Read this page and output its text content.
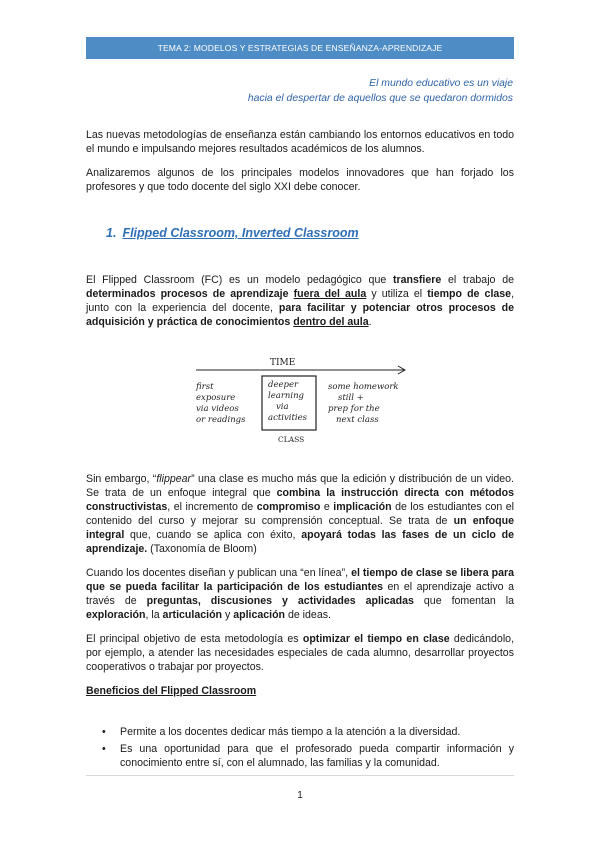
TEMA 2: MODELOS Y ESTRATEGIAS DE ENSEÑANZA-APRENDIZAJE
El mundo educativo es un viaje
hacia el despertar de aquellos que se quedaron dormidos

Las nuevas metodologías de enseñanza están cambiando los entornos educativos en todo el mundo e impulsando mejores resultados académicos de los alumnos.

Analizaremos algunos de los principales modelos innovadores que han forjado los profesores y que todo docente del siglo XXI debe conocer.

1. Flipped Classroom, Inverted Classroom

El Flipped Classroom (FC) es un modelo pedagógico que transfiere el trabajo de determinados procesos de aprendizaje fuera del aula y utiliza el tiempo de clase, junto con la experiencia del docente, para facilitar y potenciar otros procesos de adquisición y práctica de conocimientos dentro del aula.

TIME
first
exposure
via videos
or readings
deeper
learning
via
activities
some homework
still +
prep for the
next class
CLASS

Sin embargo, “flippear” una clase es mucho más que la edición y distribución de un video. Se trata de un enfoque integral que combina la instrucción directa con métodos constructivistas, el incremento de compromiso e implicación de los estudiantes con el contenido del curso y mejorar su comprensión conceptual. Se trata de un enfoque integral que, cuando se aplica con éxito, apoyará todas las fases de un ciclo de aprendizaje. (Taxonomía de Bloom)

Cuando los docentes diseñan y publican una “en línea”, el tiempo de clase se libera para que se pueda facilitar la participación de los estudiantes en el aprendizaje activo a través de preguntas, discusiones y actividades aplicadas que fomentan la exploración, la articulación y aplicación de ideas.

El principal objetivo de esta metodología es optimizar el tiempo en clase dedicándolo, por ejemplo, a atender las necesidades especiales de cada alumno, desarrollar proyectos cooperativos o trabajar por proyectos.

Beneficios del Flipped Classroom
• Permite a los docentes dedicar más tiempo a la atención a la diversidad.
• Es una oportunidad para que el profesorado pueda compartir información y conocimiento entre sí, con el alumnado, las familias y la comunidad.
1
